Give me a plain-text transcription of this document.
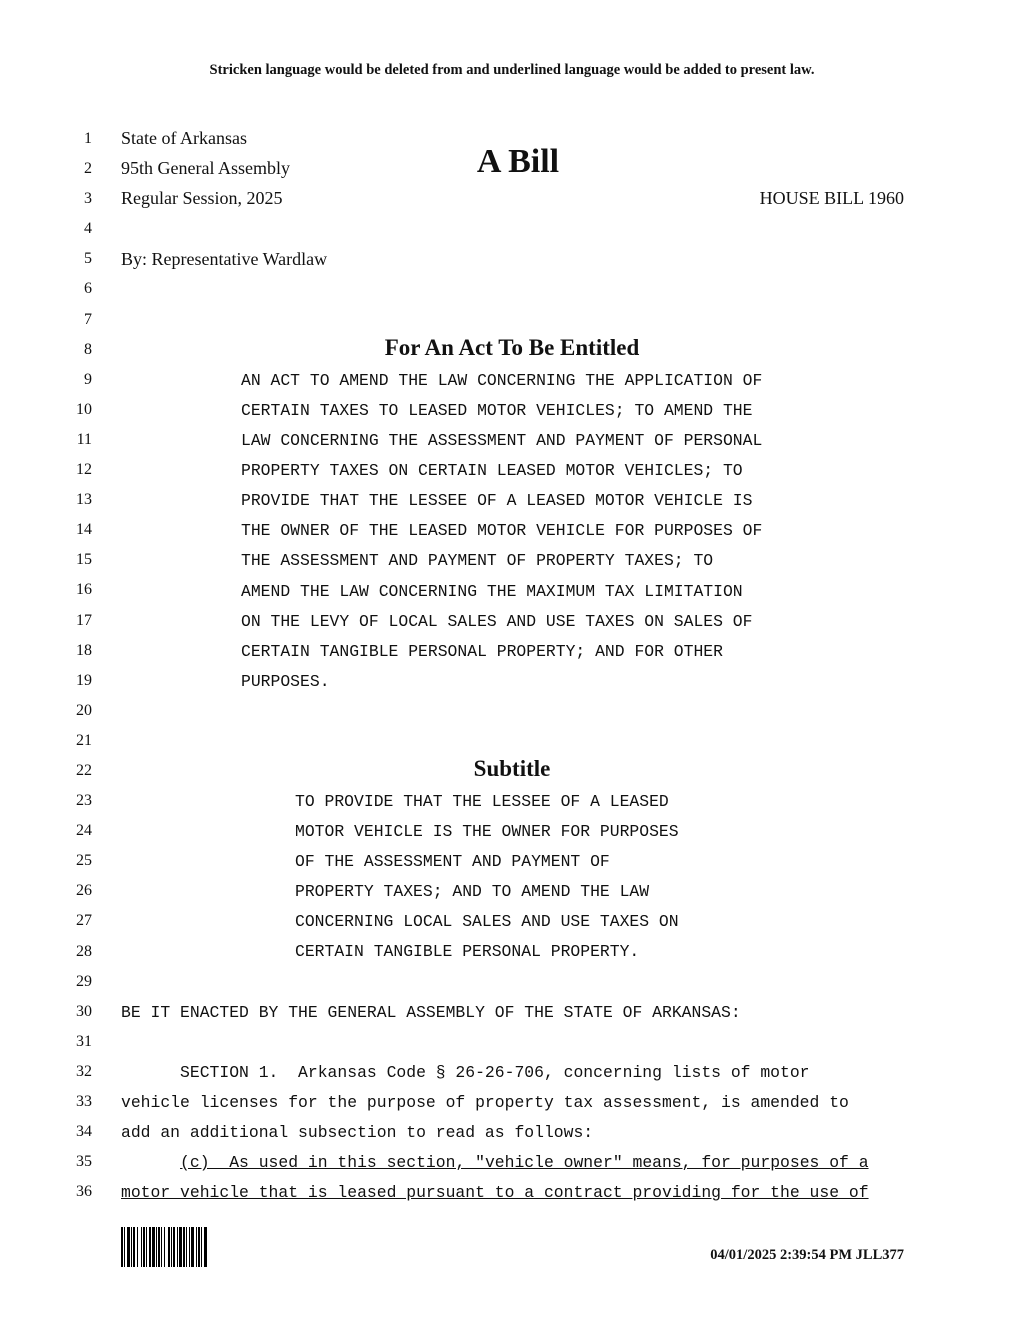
Stricken language would be deleted from and underlined language would be added to present law.
1
2
3
4
5
6
7
8
9
10
11
12
13
14
15
16
17
18
19
20
21
22
23
24
25
26
27
28
29
30
31
32
33
34
35
36
State of Arkansas
95th General Assembly
Regular Session, 2025
A Bill
HOUSE BILL 1960
By: Representative Wardlaw
For An Act To Be Entitled
AN ACT TO AMEND THE LAW CONCERNING THE APPLICATION OF
CERTAIN TAXES TO LEASED MOTOR VEHICLES; TO AMEND THE
LAW CONCERNING THE ASSESSMENT AND PAYMENT OF PERSONAL
PROPERTY TAXES ON CERTAIN LEASED MOTOR VEHICLES; TO
PROVIDE THAT THE LESSEE OF A LEASED MOTOR VEHICLE IS
THE OWNER OF THE LEASED MOTOR VEHICLE FOR PURPOSES OF
THE ASSESSMENT AND PAYMENT OF PROPERTY TAXES; TO
AMEND THE LAW CONCERNING THE MAXIMUM TAX LIMITATION
ON THE LEVY OF LOCAL SALES AND USE TAXES ON SALES OF
CERTAIN TANGIBLE PERSONAL PROPERTY; AND FOR OTHER
PURPOSES.
Subtitle
TO PROVIDE THAT THE LESSEE OF A LEASED
MOTOR VEHICLE IS THE OWNER FOR PURPOSES
OF THE ASSESSMENT AND PAYMENT OF
PROPERTY TAXES; AND TO AMEND THE LAW
CONCERNING LOCAL SALES AND USE TAXES ON
CERTAIN TANGIBLE PERSONAL PROPERTY.
BE IT ENACTED BY THE GENERAL ASSEMBLY OF THE STATE OF ARKANSAS:
SECTION 1.  Arkansas Code § 26-26-706, concerning lists of motor
vehicle licenses for the purpose of property tax assessment, is amended to
add an additional subsection to read as follows:
(c)  As used in this section, "vehicle owner" means, for purposes of a
motor vehicle that is leased pursuant to a contract providing for the use of
04/01/2025 2:39:54 PM JLL377
